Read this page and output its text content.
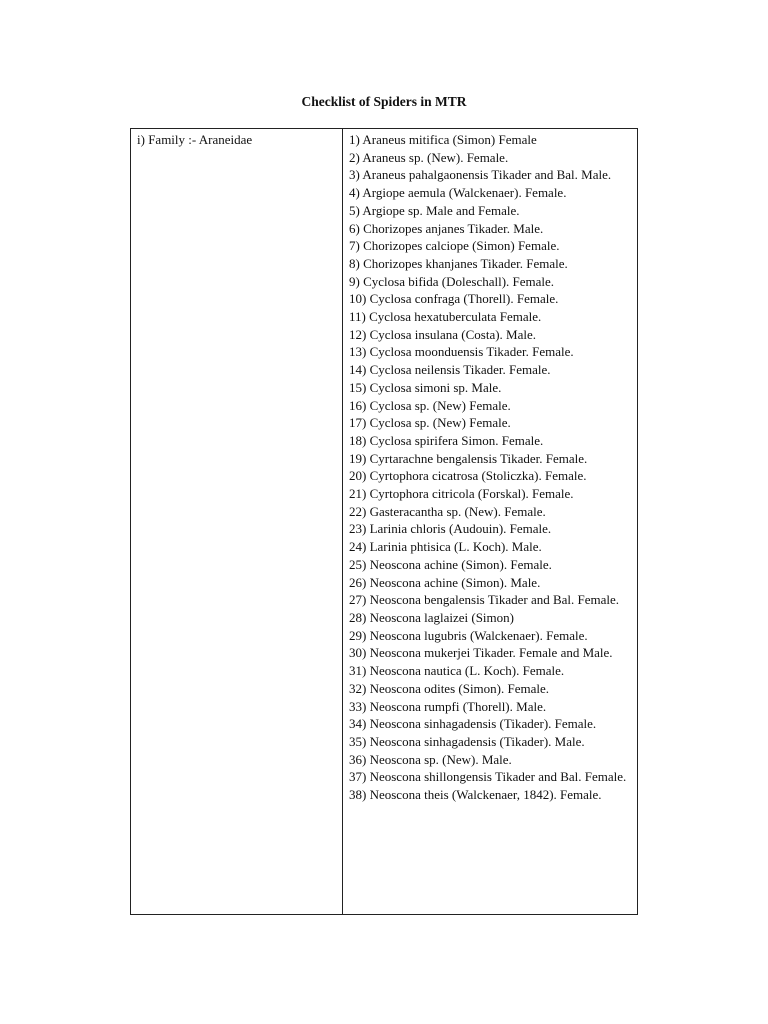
Checklist of Spiders in MTR
i) Family :- Araneidae	1) Araneus mitifica (Simon) Female
2) Araneus sp. (New). Female.
3) Araneus pahalgaonensis Tikader and Bal. Male.
4) Argiope aemula (Walckenaer). Female.
5) Argiope sp. Male and Female.
6) Chorizopes anjanes Tikader. Male.
7) Chorizopes calciope (Simon) Female.
8) Chorizopes khanjanes Tikader. Female.
9) Cyclosa bifida (Doleschall). Female.
10) Cyclosa confraga (Thorell). Female.
11) Cyclosa hexatuberculata Female.
12) Cyclosa insulana (Costa). Male.
13) Cyclosa moonduensis Tikader. Female.
14) Cyclosa neilensis Tikader. Female.
15) Cyclosa simoni sp. Male.
16) Cyclosa sp. (New) Female.
17) Cyclosa sp. (New) Female.
18) Cyclosa spirifera Simon. Female.
19) Cyrtarachne bengalensis Tikader. Female.
20) Cyrtophora cicatrosa (Stoliczka). Female.
21) Cyrtophora citricola (Forskal). Female.
22) Gasteracantha sp. (New). Female.
23) Larinia chloris (Audouin). Female.
24) Larinia phtisica (L. Koch). Male.
25) Neoscona achine (Simon). Female.
26) Neoscona achine (Simon). Male.
27) Neoscona bengalensis Tikader and Bal. Female.
28) Neoscona laglaizei (Simon)
29) Neoscona lugubris (Walckenaer). Female.
30) Neoscona mukerjei Tikader. Female and Male.
31) Neoscona nautica (L. Koch). Female.
32) Neoscona odites (Simon). Female.
33) Neoscona rumpfi (Thorell). Male.
34) Neoscona sinhagadensis (Tikader). Female.
35) Neoscona sinhagadensis (Tikader). Male.
36) Neoscona sp. (New). Male.
37) Neoscona shillongensis Tikader and Bal. Female.
38) Neoscona theis (Walckenaer, 1842). Female.
